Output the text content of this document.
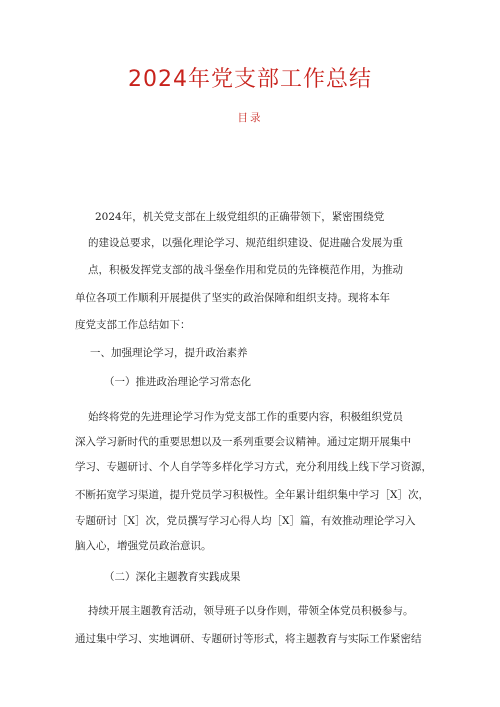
2024年党支部工作总结
目录
2024年，机关党支部在上级党组织的正确带领下，紧密围绕党
的建设总要求，以强化理论学习、规范组织建设、促进融合发展为重
点，积极发挥党支部的战斗堡垒作用和党员的先锋模范作用，为推动
单位各项工作顺利开展提供了坚实的政治保障和组织支持。现将本年
度党支部工作总结如下：
一、加强理论学习，提升政治素养
（一）推进政治理论学习常态化
始终将党的先进理论学习作为党支部工作的重要内容，积极组织党员
深入学习新时代的重要思想以及一系列重要会议精神。通过定期开展集中
学习、专题研讨、个人自学等多样化学习方式，充分利用线上线下学习资源，
不断拓宽学习渠道，提升党员学习积极性。全年累计组织集中学习［X］次，
专题研讨［X］次，党员撰写学习心得人均［X］篇，有效推动理论学习入
脑入心，增强党员政治意识。
（二）深化主题教育实践成果
持续开展主题教育活动，领导班子以身作则，带领全体党员积极参与。
通过集中学习、实地调研、专题研讨等形式，将主题教育与实际工作紧密结
